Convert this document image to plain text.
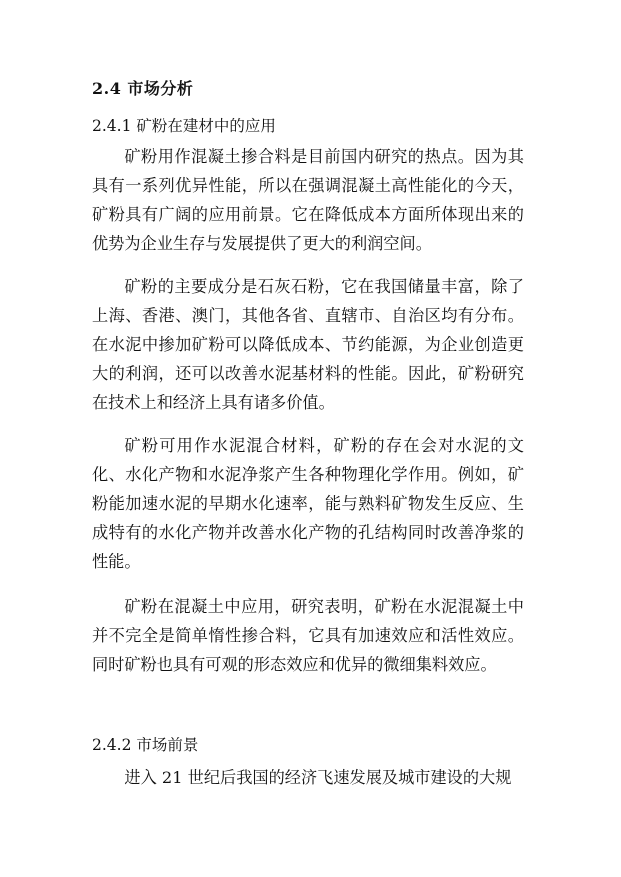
2.4 市场分析
2.4.1 矿粉在建材中的应用

矿粉用作混凝土掺合料是目前国内研究的热点。因为其具有一系列优异性能，所以在强调混凝土高性能化的今天，矿粉具有广阔的应用前景。它在降低成本方面所体现出来的优势为企业生存与发展提供了更大的利润空间。

矿粉的主要成分是石灰石粉，它在我国储量丰富，除了上海、香港、澳门，其他各省、直辖市、自治区均有分布。在水泥中掺加矿粉可以降低成本、节约能源，为企业创造更大的利润，还可以改善水泥基材料的性能。因此，矿粉研究在技术上和经济上具有诸多价值。

矿粉可用作水泥混合材料，矿粉的存在会对水泥的文化、水化产物和水泥净浆产生各种物理化学作用。例如，矿粉能加速水泥的早期水化速率，能与熟料矿物发生反应、生成特有的水化产物并改善水化产物的孔结构同时改善净浆的性能。

矿粉在混凝土中应用，研究表明，矿粉在水泥混凝土中并不完全是简单惰性掺合料，它具有加速效应和活性效应。同时矿粉也具有可观的形态效应和优异的微细集料效应。

2.4.2 市场前景

进入 21 世纪后我国的经济飞速发展及城市建设的大规
